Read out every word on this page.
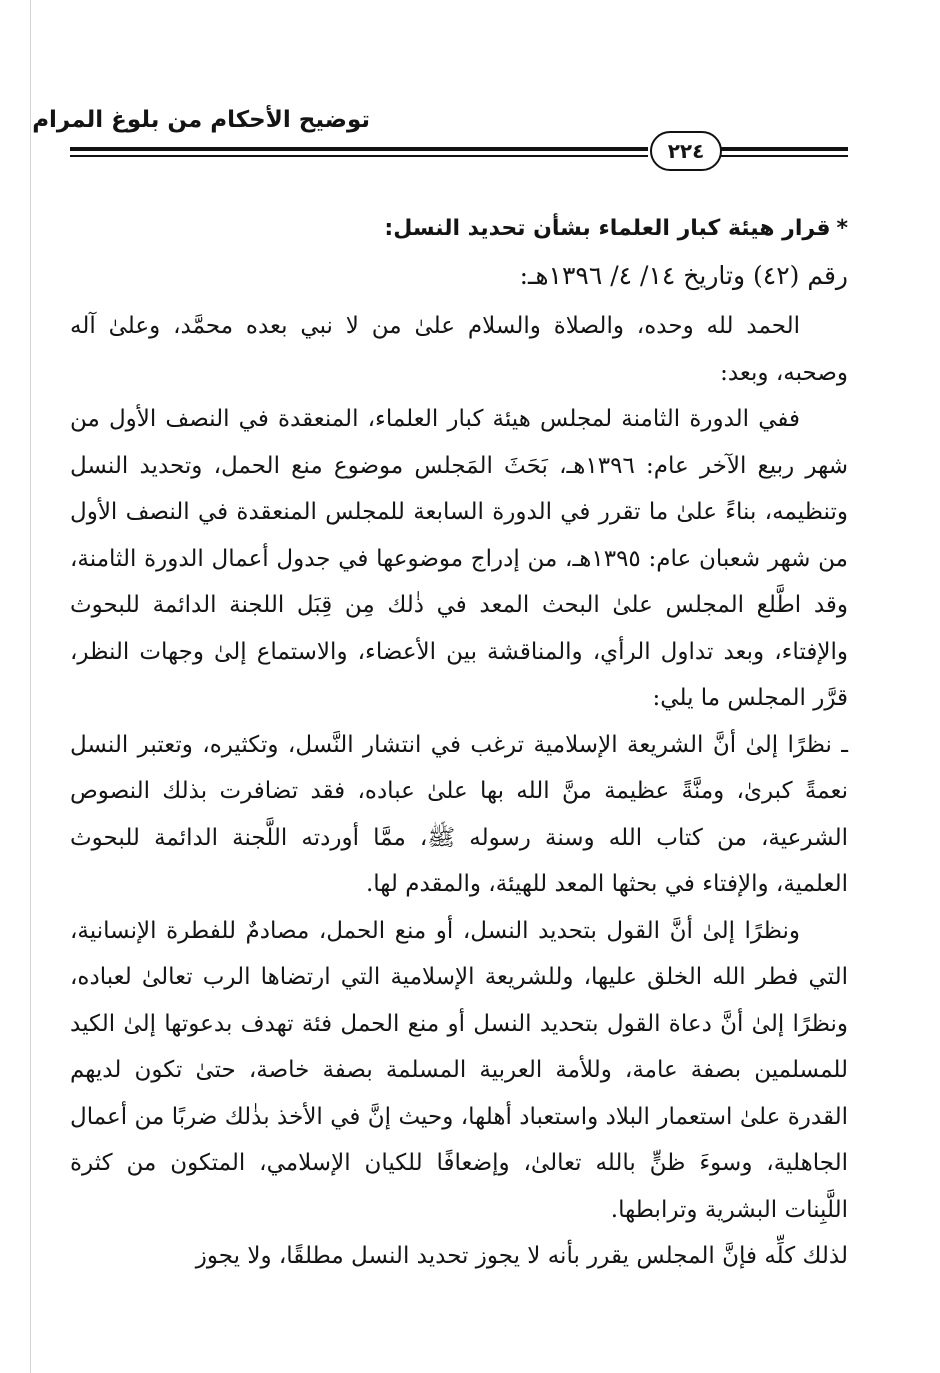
توضيح الأحكام من بلوغ المرام
٢٢٤
*قرار هيئة كبار العلماء بشأن تحديد النسل:
رقم (٤٢) وتاريخ ١٤/ ٤/ ١٣٩٦هـ:

الحمد لله وحده، والصلاة والسلام علىٰ من لا نبي بعده محمَّد، وعلىٰ آله وصحبه، وبعد:

ففي الدورة الثامنة لمجلس هيئة كبار العلماء، المنعقدة في النصف الأول من شهر ربيع الآخر عام: ١٣٩٦هـ، بَحَثَ المَجلس موضوع منع الحمل، وتحديد النسل وتنظيمه، بناءً علىٰ ما تقرر في الدورة السابعة للمجلس المنعقدة في النصف الأول من شهر شعبان عام: ١٣٩٥هـ، من إدراج موضوعها في جدول أعمال الدورة الثامنة، وقد اطَّلع المجلس علىٰ البحث المعد في ذٰلك مِن قِبَل اللجنة الدائمة للبحوث والإفتاء، وبعد تداول الرأي، والمناقشة بين الأعضاء، والاستماع إلىٰ وجهات النظر، قرَّر المجلس ما يلي:

ـ نظرًا إلىٰ أنَّ الشريعة الإسلامية ترغب في انتشار النَّسل، وتكثيره، وتعتبر النسل نعمةً كبرىٰ، ومنَّةً عظيمة منَّ الله بها علىٰ عباده، فقد تضافرت بذلك النصوص الشرعية، من كتاب الله وسنة رسوله ﷺ، ممَّا أوردته اللَّجنة الدائمة للبحوث العلمية، والإفتاء في بحثها المعد للهيئة، والمقدم لها.

ونظرًا إلىٰ أنَّ القول بتحديد النسل، أو منع الحمل، مصادمٌ للفطرة الإنسانية، التي فطر الله الخلق عليها، وللشريعة الإسلامية التي ارتضاها الرب تعالىٰ لعباده، ونظرًا إلىٰ أنَّ دعاة القول بتحديد النسل أو منع الحمل فئة تهدف بدعوتها إلىٰ الكيد للمسلمين بصفة عامة، وللأمة العربية المسلمة بصفة خاصة، حتىٰ تكون لديهم القدرة علىٰ استعمار البلاد واستعباد أهلها، وحيث إنَّ في الأخذ بذٰلك ضربًا من أعمال الجاهلية، وسوءَ ظنٍّ بالله تعالىٰ، وإضعافًا للكيان الإسلامي، المتكون من كثرة اللَّبِنات البشرية وترابطها.

لذلك كلِّه فإنَّ المجلس يقرر بأنه لا يجوز تحديد النسل مطلقًا، ولا يجوز
